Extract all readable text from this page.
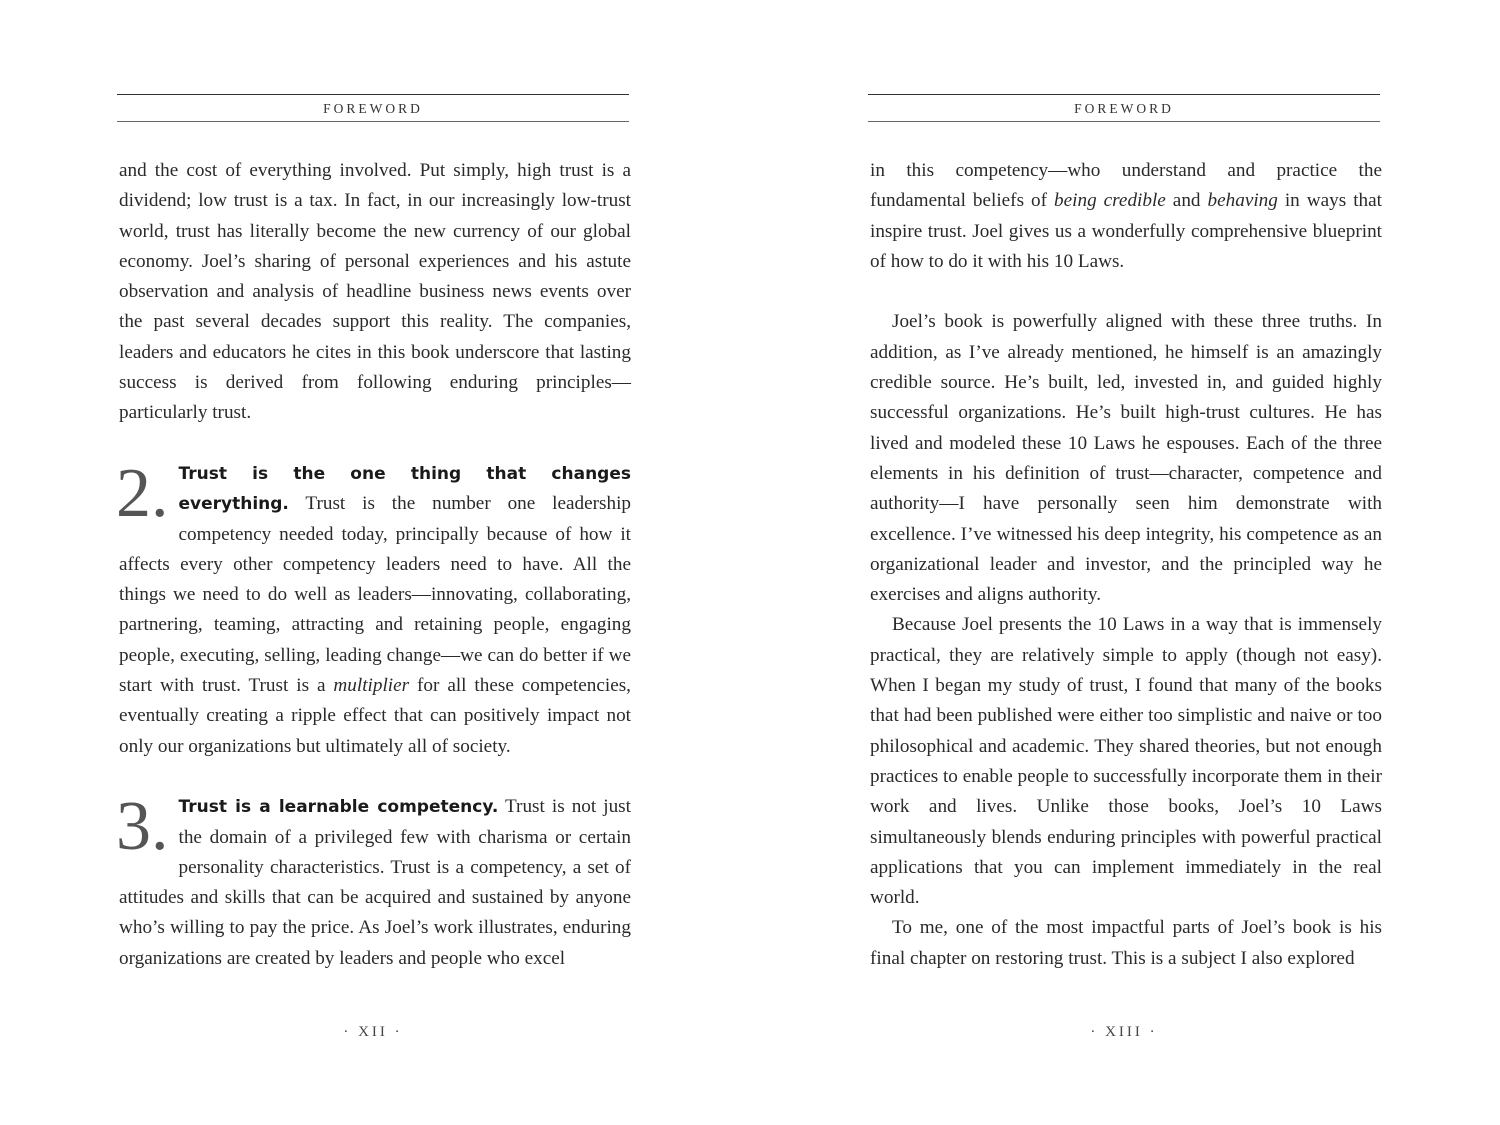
FOREWORD

and the cost of everything involved. Put simply, high trust is a dividend; low trust is a tax. In fact, in our increasingly low-trust world, trust has literally become the new currency of our global economy. Joel’s sharing of personal experiences and his astute observation and analysis of headline business news events over the past several decades support this reality. The companies, leaders and educators he cites in this book underscore that lasting success is derived from following enduring principles—particularly trust.

2. Trust is the one thing that changes everything. Trust is the number one leadership competency needed today, principally because of how it affects every other competency leaders need to have. All the things we need to do well as leaders—innovating, collaborating, partnering, teaming, attracting and retaining people, engaging people, executing, selling, leading change—we can do better if we start with trust. Trust is a multiplier for all these competencies, eventually creating a ripple effect that can positively impact not only our organizations but ultimately all of society.

3. Trust is a learnable competency. Trust is not just the domain of a privileged few with charisma or certain personality characteristics. Trust is a competency, a set of attitudes and skills that can be acquired and sustained by anyone who’s willing to pay the price. As Joel’s work illustrates, enduring organizations are created by leaders and people who excel

· XII ·
FOREWORD

in this competency—who understand and practice the fundamental beliefs of being credible and behaving in ways that inspire trust. Joel gives us a wonderfully comprehensive blueprint of how to do it with his 10 Laws.

Joel’s book is powerfully aligned with these three truths. In addition, as I’ve already mentioned, he himself is an amazingly credible source. He’s built, led, invested in, and guided highly successful organizations. He’s built high-trust cultures. He has lived and modeled these 10 Laws he espouses. Each of the three elements in his definition of trust—character, competence and authority—I have personally seen him demonstrate with excellence. I’ve witnessed his deep integrity, his competence as an organizational leader and investor, and the principled way he exercises and aligns authority.

Because Joel presents the 10 Laws in a way that is immensely practical, they are relatively simple to apply (though not easy). When I began my study of trust, I found that many of the books that had been published were either too simplistic and naive or too philosophical and academic. They shared theories, but not enough practices to enable people to successfully incorporate them in their work and lives. Unlike those books, Joel’s 10 Laws simultaneously blends enduring principles with powerful practical applications that you can implement immediately in the real world.

To me, one of the most impactful parts of Joel’s book is his final chapter on restoring trust. This is a subject I also explored

· XIII ·
